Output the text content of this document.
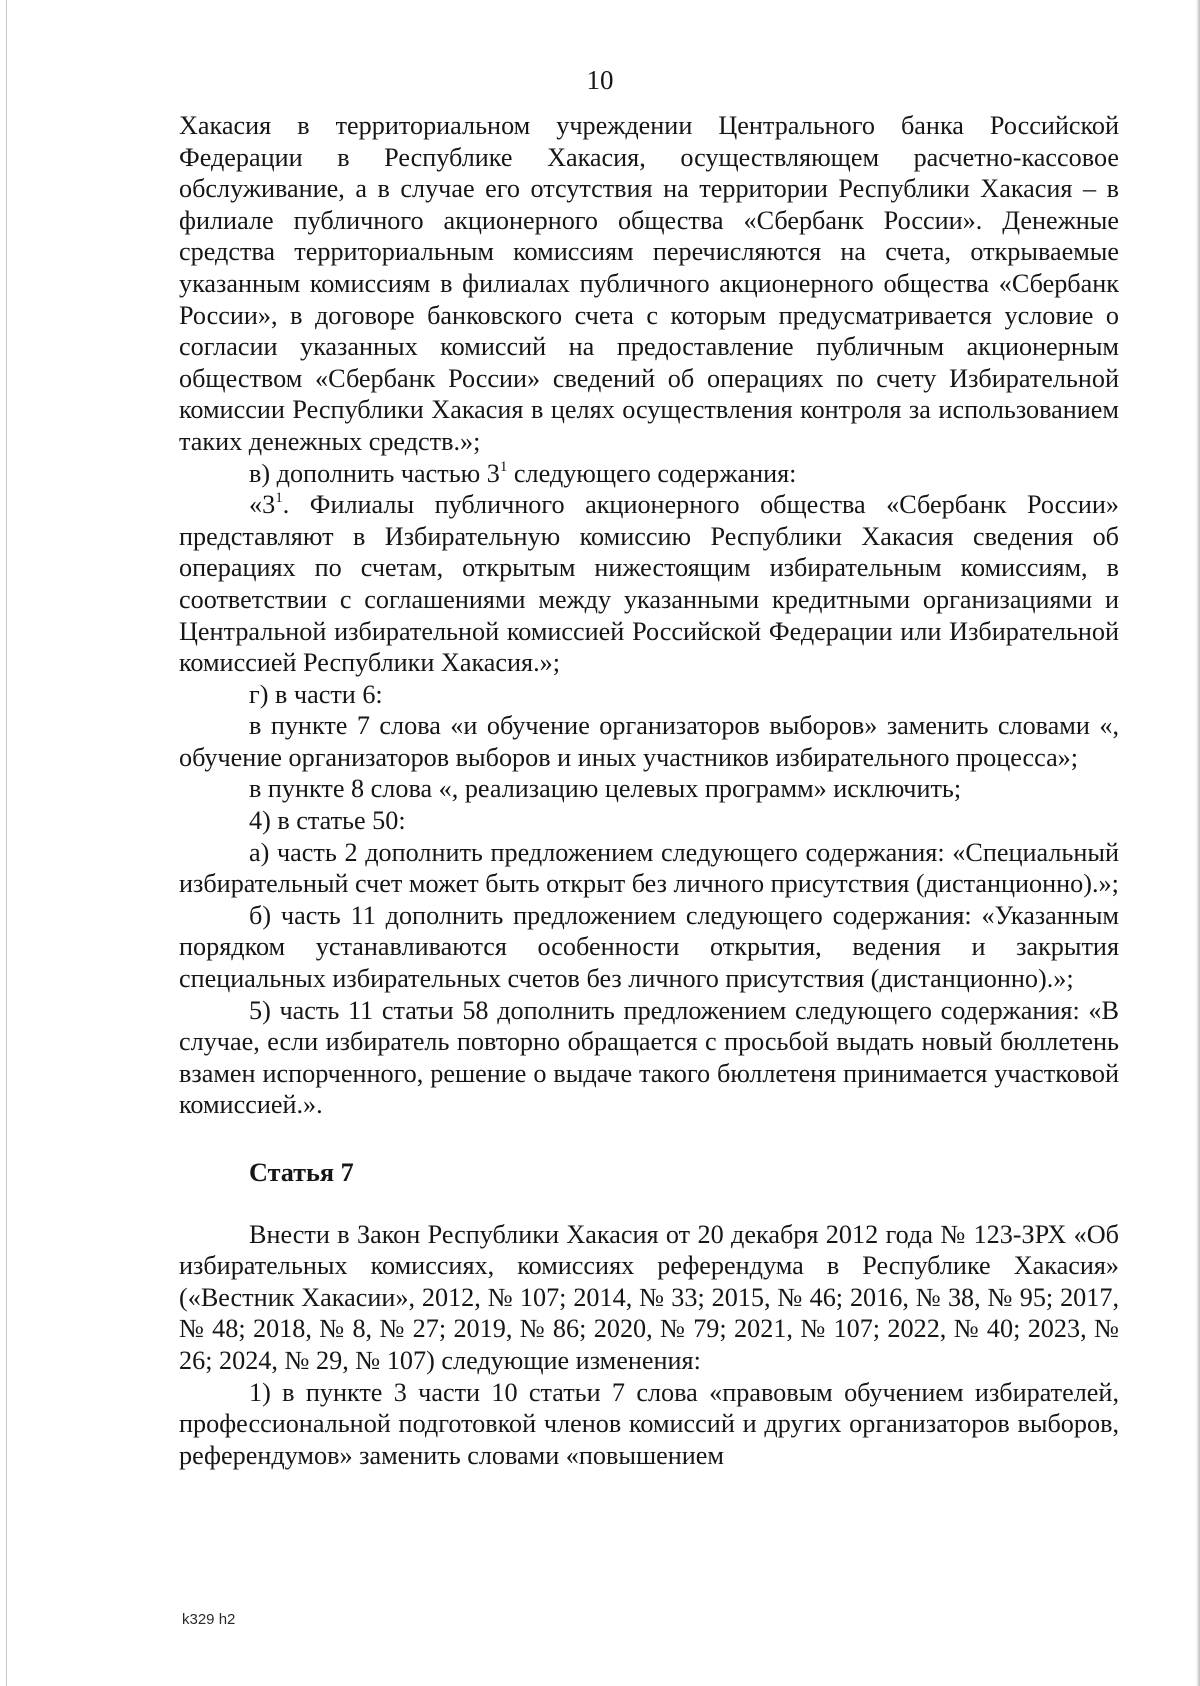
10

Хакасия в территориальном учреждении Центрального банка Российской Федерации в Республике Хакасия, осуществляющем расчетно-кассовое обслуживание, а в случае его отсутствия на территории Республики Хакасия – в филиале публичного акционерного общества «Сбербанк России». Денежные средства территориальным комиссиям перечисляются на счета, открываемые указанным комиссиям в филиалах публичного акционерного общества «Сбербанк России», в договоре банковского счета с которым предусматривается условие о согласии указанных комиссий на предоставление публичным акционерным обществом «Сбербанк России» сведений об операциях по счету Избирательной комиссии Республики Хакасия в целях осуществления контроля за использованием таких денежных средств.»;

в) дополнить частью $3^1$ следующего содержания:

«$3^1$. Филиалы публичного акционерного общества «Сбербанк России» представляют в Избирательную комиссию Республики Хакасия сведения об операциях по счетам, открытым нижестоящим избирательным комиссиям, в соответствии с соглашениями между указанными кредитными организациями и Центральной избирательной комиссией Российской Федерации или Избирательной комиссией Республики Хакасия.»;

г) в части 6:

в пункте 7 слова «и обучение организаторов выборов» заменить словами «, обучение организаторов выборов и иных участников избирательного процесса»;

в пункте 8 слова «, реализацию целевых программ» исключить;

4) в статье 50:

а) часть 2 дополнить предложением следующего содержания: «Специальный избирательный счет может быть открыт без личного присутствия (дистанционно).»;

б) часть 11 дополнить предложением следующего содержания: «Указанным порядком устанавливаются особенности открытия, ведения и закрытия специальных избирательных счетов без личного присутствия (дистанционно).»;

5) часть 11 статьи 58 дополнить предложением следующего содержания: «В случае, если избиратель повторно обращается с просьбой выдать новый бюллетень взамен испорченного, решение о выдаче такого бюллетеня принимается участковой комиссией.».

Статья 7

Внести в Закон Республики Хакасия от 20 декабря 2012 года № 123-ЗРХ «Об избирательных комиссиях, комиссиях референдума в Республике Хакасия» («Вестник Хакасии», 2012, № 107; 2014, № 33; 2015, № 46; 2016, № 38, № 95; 2017, № 48; 2018, № 8, № 27; 2019, № 86; 2020, № 79; 2021, № 107; 2022, № 40; 2023, № 26; 2024, № 29, № 107) следующие изменения:

1) в пункте 3 части 10 статьи 7 слова «правовым обучением избирателей, профессиональной подготовкой членов комиссий и других организаторов выборов, референдумов» заменить словами «повышением

k329 h2
